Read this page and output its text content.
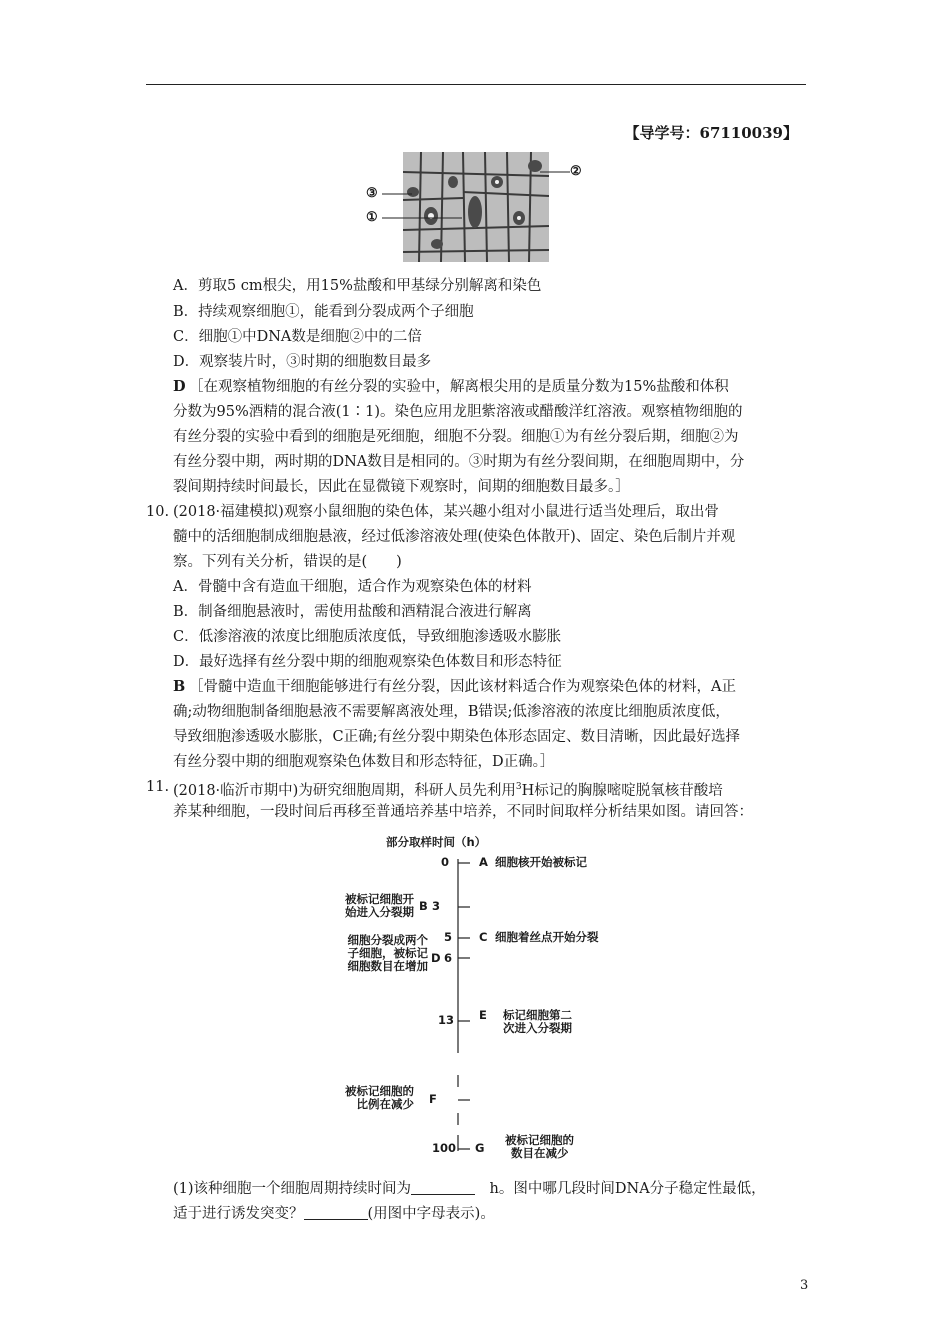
【导学号：67110039】
③
①
②
A．剪取5 cm根尖，用15%盐酸和甲基绿分别解离和染色
B．持续观察细胞①，能看到分裂成两个子细胞
C．细胞①中DNA数是细胞②中的二倍
D．观察装片时，③时期的细胞数目最多
D ［在观察植物细胞的有丝分裂的实验中，解离根尖用的是质量分数为15%盐酸和体积
分数为95%酒精的混合液(1∶1)。染色应用龙胆紫溶液或醋酸洋红溶液。观察植物细胞的
有丝分裂的实验中看到的细胞是死细胞，细胞不分裂。细胞①为有丝分裂后期，细胞②为
有丝分裂中期，两时期的DNA数目是相同的。③时期为有丝分裂间期，在细胞周期中，分
裂间期持续时间最长，因此在显微镜下观察时，间期的细胞数目最多。］
10. (2018·福建模拟)观察小鼠细胞的染色体，某兴趣小组对小鼠进行适当处理后，取出骨
髓中的活细胞制成细胞悬液，经过低渗溶液处理(使染色体散开)、固定、染色后制片并观
察。下列有关分析，错误的是(　　)
A．骨髓中含有造血干细胞，适合作为观察染色体的材料
B．制备细胞悬液时，需使用盐酸和酒精混合液进行解离
C．低渗溶液的浓度比细胞质浓度低，导致细胞渗透吸水膨胀
D．最好选择有丝分裂中期的细胞观察染色体数目和形态特征
B ［骨髓中造血干细胞能够进行有丝分裂，因此该材料适合作为观察染色体的材料，A正
确;动物细胞制备细胞悬液不需要解离液处理，B错误;低渗溶液的浓度比细胞质浓度低，
导致细胞渗透吸水膨胀，C正确;有丝分裂中期染色体形态固定、数目清晰，因此最好选择
有丝分裂中期的细胞观察染色体数目和形态特征，D正确。］
11. (2018·临沂市期中)为研究细胞周期，科研人员先利用$^3$H标记的胸腺嘧啶脱氧核苷酸培
养某种细胞，一段时间后再移至普通培养基中培养，不同时间取样分析结果如图。请回答：
部分取样时间（h）
0	A 细胞核开始被标记
3
B
被标记细胞开
始进入分裂期
5 C 细胞着丝点开始分裂
6
D
细胞分裂成两个
子细胞，被标记
细胞数目在增加
13 E 标记细胞第二
次进入分裂期
F
被标记细胞的
比例在减少
100 G
被标记细胞的
数目在减少
(1)该种细胞一个细胞周期持续时间为　	h。图中哪几段时间DNA分子稳定性最低，
适于进行诱发突变？	(用图中字母表示)。
3
